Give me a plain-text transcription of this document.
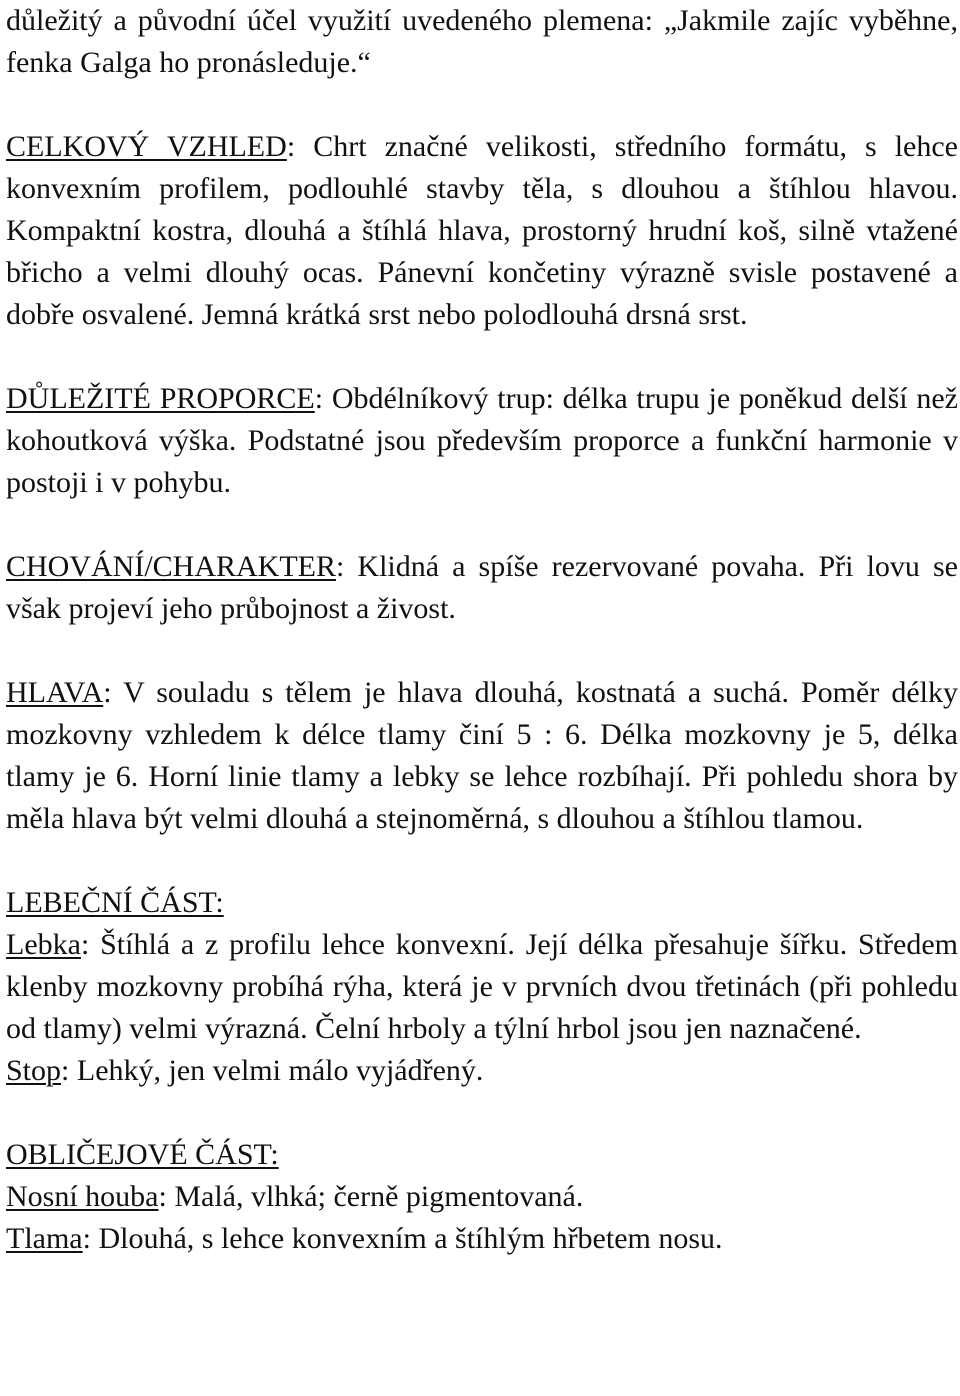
důležitý a původní účel využití uvedeného plemena: „Jakmile zajíc vyběhne, fenka Galga ho pronásleduje.“

CELKOVÝ VZHLED: Chrt značné velikosti, středního formátu, s lehce konvexním profilem, podlouhlé stavby těla, s dlouhou a štíhlou hlavou. Kompaktní kostra, dlouhá a štíhlá hlava, prostorný hrudní koš, silně vtažené břicho a velmi dlouhý ocas. Pánevní končetiny výrazně svisle postavené a dobře osvalené. Jemná krátká srst nebo polodlouhá drsná srst.

DŮLEŽITÉ PROPORCE: Obdélníkový trup: délka trupu je poněkud delší než kohoutková výška. Podstatné jsou především proporce a funkční harmonie v postoji i v pohybu.

CHOVÁNÍ/CHARAKTER: Klidná a spíše rezervované povaha. Při lovu se však projeví jeho průbojnost a živost.

HLAVA: V souladu s tělem je hlava dlouhá, kostnatá a suchá. Poměr délky mozkovny vzhledem k délce tlamy činí 5 : 6. Délka mozkovny je 5, délka tlamy je 6. Horní linie tlamy a lebky se lehce rozbíhají. Při pohledu shora by měla hlava být velmi dlouhá a stejnoměrná, s dlouhou a štíhlou tlamou.

LEBEČNÍ ČÁST:

Lebka: Štíhlá a z profilu lehce konvexní. Její délka přesahuje šířku. Středem klenby mozkovny probíhá rýha, která je v prvních dvou třetinách (při pohledu od tlamy) velmi výrazná. Čelní hrboly a týlní hrbol jsou jen naznačené.

Stop: Lehký, jen velmi málo vyjádřený.

OBLIČEJOVÉ ČÁST:

Nosní houba: Malá, vlhká; černě pigmentovaná.

Tlama: Dlouhá, s lehce konvexním a štíhlým hřbetem nosu.
